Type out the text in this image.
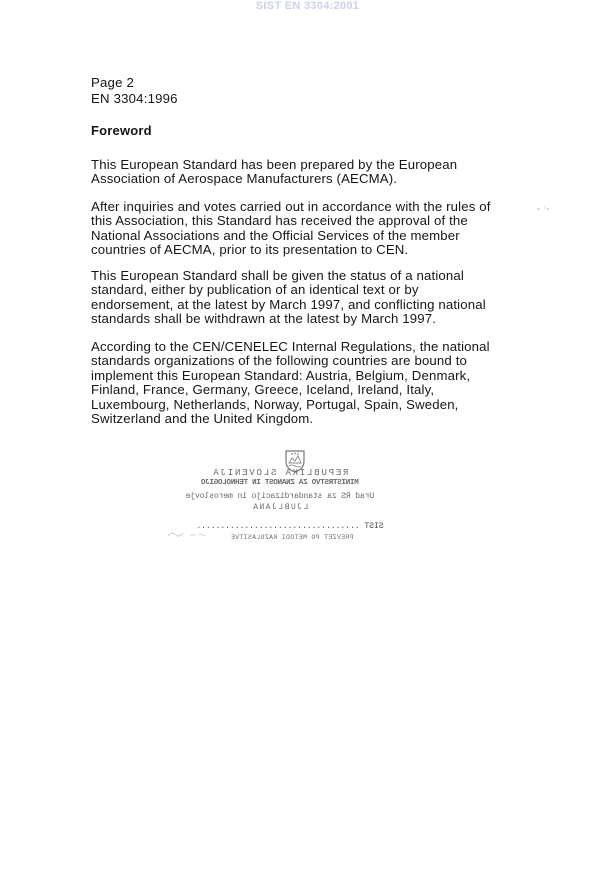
SIST EN 3304:2001
Page 2
EN 3304:1996
Foreword
This European Standard has been prepared by the European
Association of Aerospace Manufacturers (AECMA).
After inquiries and votes carried out in accordance with the rules of
this Association, this Standard has received the approval of the
National Associations and the Official Services of the member
countries of AECMA, prior to its presentation to CEN.
This European Standard shall be given the status of a national
standard, either by publication of an identical text or by
endorsement, at the latest by March 1997, and conflicting national
standards shall be withdrawn at the latest by March 1997.
According to the CEN/CENELEC Internal Regulations, the national
standards organizations of the following countries are bound to
implement this European Standard: Austria, Belgium, Denmark,
Finland, France, Germany, Greece, Iceland, Ireland, Italy,
Luxembourg, Netherlands, Norway, Portugal, Spain, Sweden,
Switzerland and the United Kingdom.
REPUBLIKA SLOVENIJA
MINISTRSTVO ZA ZNANOST IN TEHNOLOGIJO
Urad RS za standardizacijo in meroslovje
LJUBLJANA
SIST ..................................
PREVZET PO METODI RAZGLASITVE
